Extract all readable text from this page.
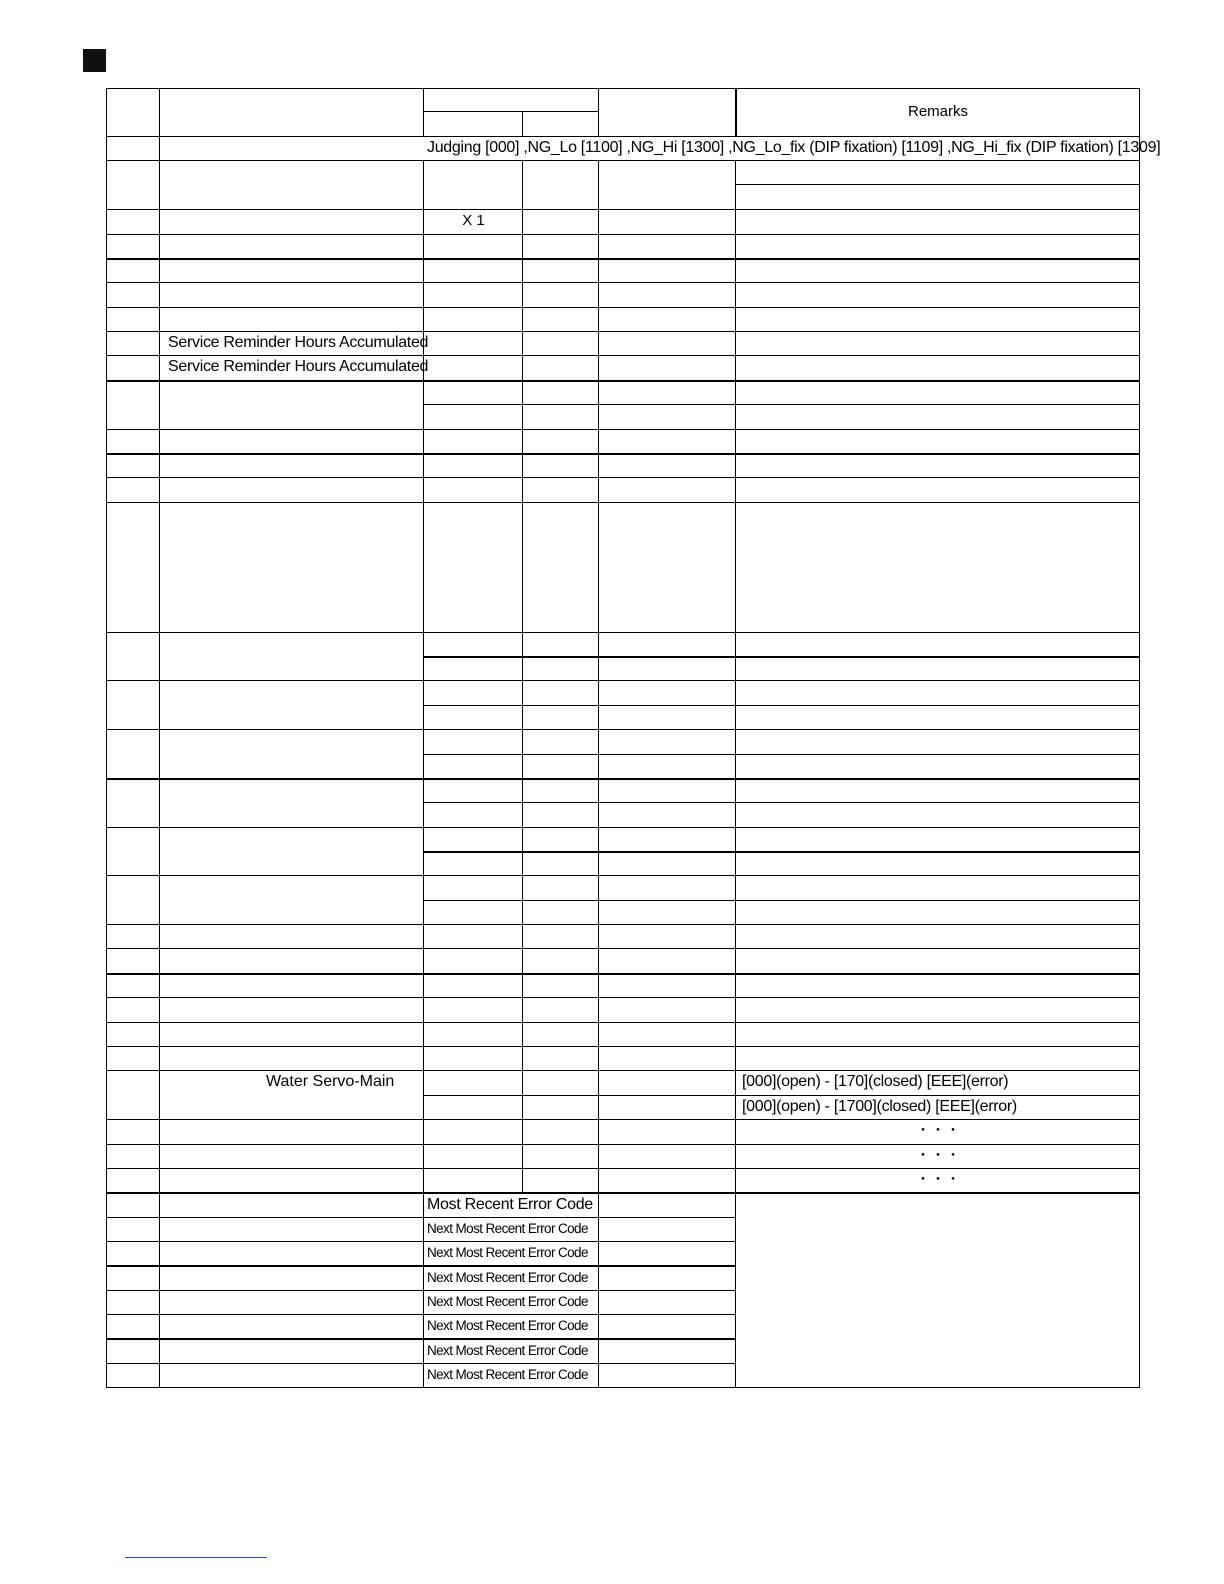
Remarks
Judging [000] ,NG_Lo [1100] ,NG_Hi [1300] ,NG_Lo_fix (DIP fixation) [1109] ,NG_Hi_fix (DIP fixation) [1309]
X 1
Service Reminder Hours Accumulated
Service Reminder Hours Accumulated
Water Servo-Main	[000](open) - [170](closed) [EEE](error)
[000](open) - [1700](closed) [EEE](error)
・・・
・・・
・・・
Most Recent Error Code
Next Most Recent Error Code
Next Most Recent Error Code
Next Most Recent Error Code
Next Most Recent Error Code
Next Most Recent Error Code
Next Most Recent Error Code
Next Most Recent Error Code
